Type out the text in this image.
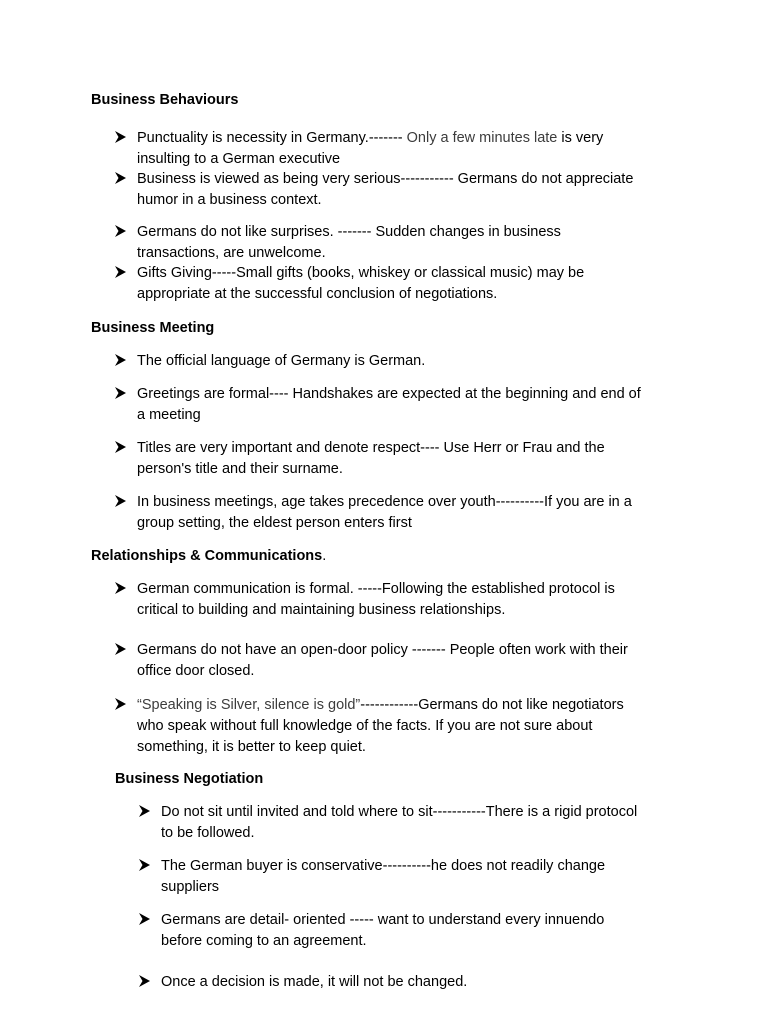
Business Behaviours
Punctuality is necessity in Germany.------- Only a few minutes late is very
insulting to a German executive
Business is viewed as being very serious----------- Germans do not appreciate
humor in a business context.
Germans do not like surprises. ------- Sudden changes in business
transactions, are unwelcome.
Gifts Giving-----Small gifts (books, whiskey or classical music) may be
appropriate at the successful conclusion of negotiations.
Business Meeting
The official language of Germany is German.
Greetings are formal---- Handshakes are expected at the beginning and end of
a meeting
Titles are very important and denote respect---- Use Herr or Frau and the
person's title and their surname.
In business meetings, age takes precedence over youth----------If you are in a
group setting, the eldest person enters first
Relationships & Communications.
German communication is formal. -----Following the established protocol is
critical to building and maintaining business relationships.
Germans do not have an open-door policy ------- People often work with their
office door closed.
“Speaking is Silver, silence is gold”------------Germans do not like negotiators
who speak without full knowledge of the facts. If you are not sure about
something, it is better to keep quiet.
Business Negotiation
Do not sit until invited and told where to sit-----------There is a rigid protocol
to be followed.
The German buyer is conservative----------he does not readily change
suppliers
Germans are detail- oriented ----- want to understand every innuendo
before coming to an agreement.
Once a decision is made, it will not be changed.
